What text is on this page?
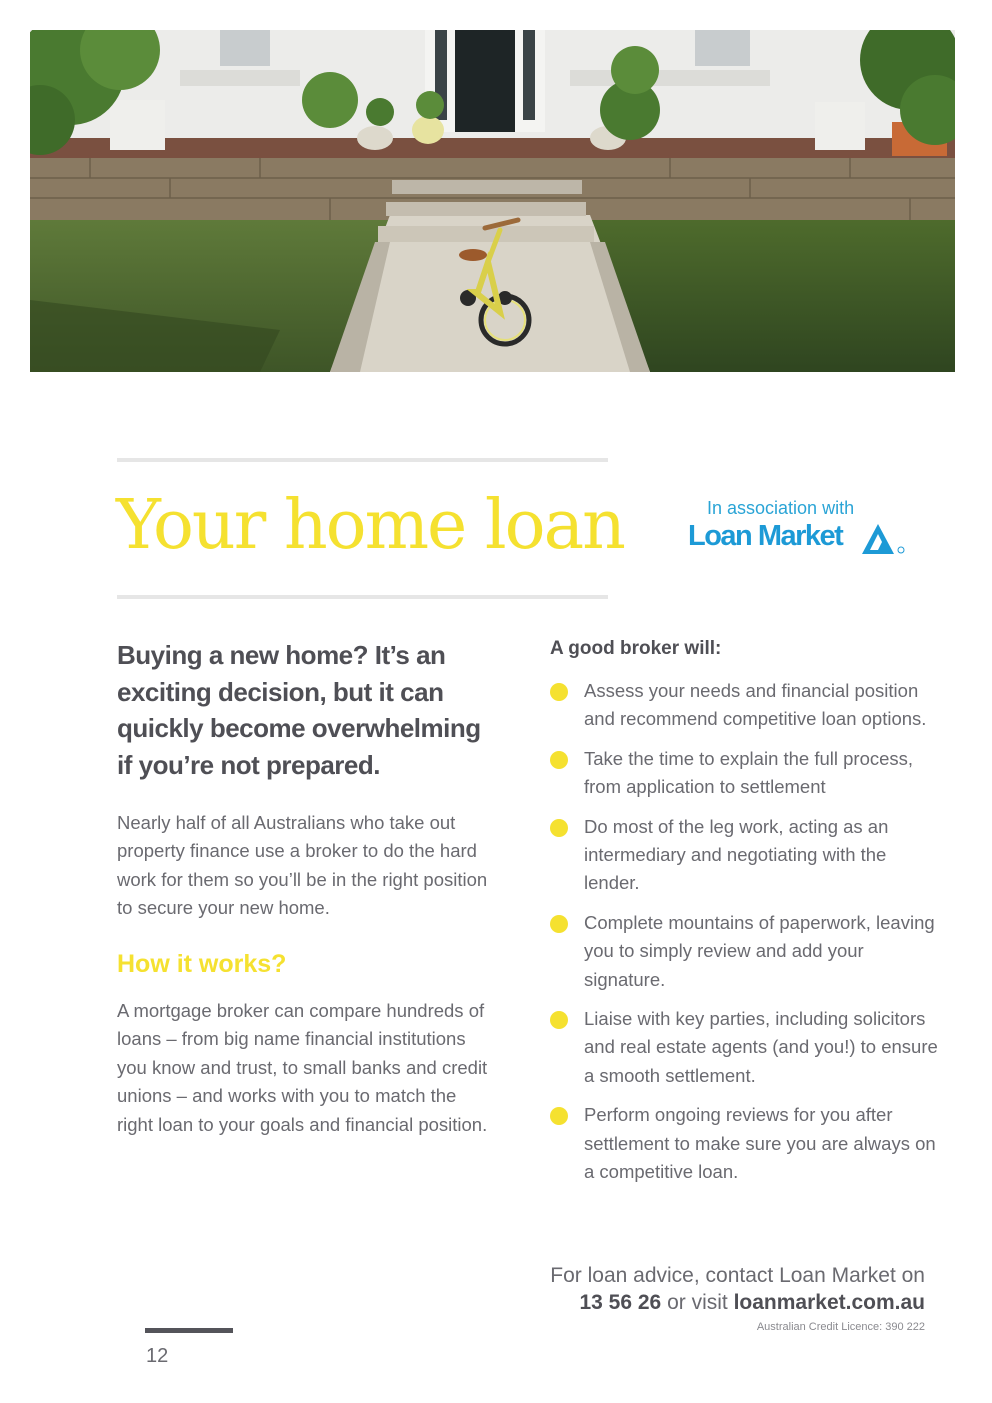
Your home loan	In association with
Loan Market

Buying a new home? It’s an exciting decision, but it can quickly become overwhelming if you’re not prepared.

Nearly half of all Australians who take out property finance use a broker to do the hard work for them so you’ll be in the right position to secure your new home.

How it works?

A mortgage broker can compare hundreds of loans – from big name financial institutions you know and trust, to small banks and credit unions – and works with you to match the right loan to your goals and financial position.

A good broker will:
Assess your needs and financial position and recommend competitive loan options.
Take the time to explain the full process, from application to settlement
Do most of the leg work, acting as an intermediary and negotiating with the lender.
Complete mountains of paperwork, leaving you to simply review and add your signature.
Liaise with key parties, including solicitors and real estate agents (and you!) to ensure a smooth settlement.
Perform ongoing reviews for you after settlement to make sure you are always on a competitive loan.
For loan advice, contact Loan Market on
13 56 26 or visit loanmarket.com.au
Australian Credit Licence: 390 222
12
